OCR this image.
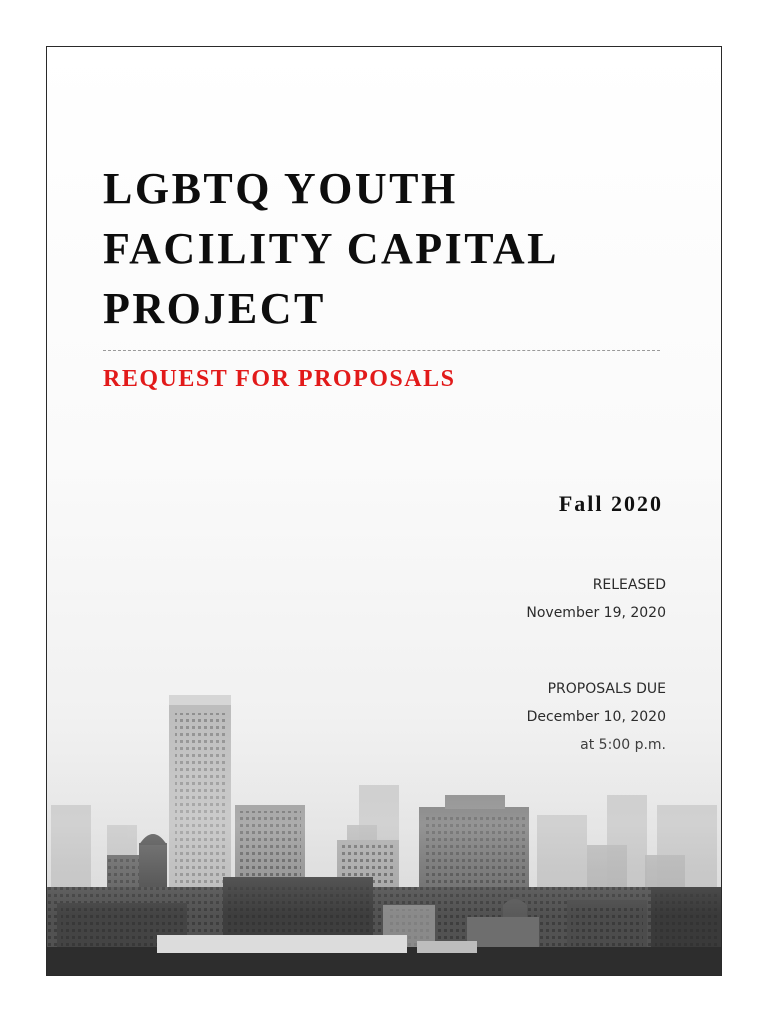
LGBTQ YOUTH
FACILITY CAPITAL
PROJECT
REQUEST FOR PROPOSALS
Fall 2020
RELEASED
November 19, 2020
PROPOSALS DUE
